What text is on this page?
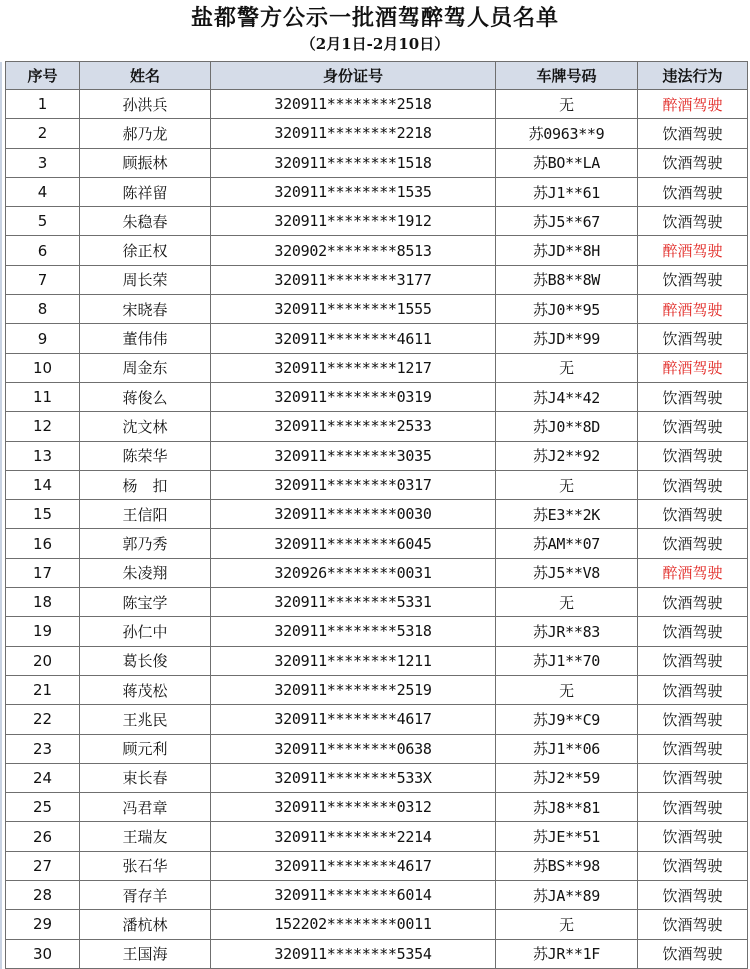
盐都警方公示一批酒驾醉驾人员名单
（2月1日-2月10日）
序号	姓名	身份证号	车牌号码	违法行为
1	孙洪兵	320911********2518	无	醉酒驾驶
2	郝乃龙	320911********2218	苏0963**9	饮酒驾驶
3	顾振林	320911********1518	苏BO**LA	饮酒驾驶
4	陈祥留	320911********1535	苏J1**61	饮酒驾驶
5	朱稳春	320911********1912	苏J5**67	饮酒驾驶
6	徐正权	320902********8513	苏JD**8H	醉酒驾驶
7	周长荣	320911********3177	苏B8**8W	饮酒驾驶
8	宋晓春	320911********1555	苏J0**95	醉酒驾驶
9	董伟伟	320911********4611	苏JD**99	饮酒驾驶
10	周金东	320911********1217	无	醉酒驾驶
11	蒋俊么	320911********0319	苏J4**42	饮酒驾驶
12	沈文林	320911********2533	苏J0**8D	饮酒驾驶
13	陈荣华	320911********3035	苏J2**92	饮酒驾驶
14	杨　扣	320911********0317	无	饮酒驾驶
15	王信阳	320911********0030	苏E3**2K	饮酒驾驶
16	郭乃秀	320911********6045	苏AM**07	饮酒驾驶
17	朱凌翔	320926********0031	苏J5**V8	醉酒驾驶
18	陈宝学	320911********5331	无	饮酒驾驶
19	孙仁中	320911********5318	苏JR**83	饮酒驾驶
20	葛长俊	320911********1211	苏J1**70	饮酒驾驶
21	蒋茂松	320911********2519	无	饮酒驾驶
22	王兆民	320911********4617	苏J9**C9	饮酒驾驶
23	顾元利	320911********0638	苏J1**06	饮酒驾驶
24	束长春	320911********533X	苏J2**59	饮酒驾驶
25	冯君章	320911********0312	苏J8**81	饮酒驾驶
26	王瑞友	320911********2214	苏JE**51	饮酒驾驶
27	张石华	320911********4617	苏BS**98	饮酒驾驶
28	胥存羊	320911********6014	苏JA**89	饮酒驾驶
29	潘杭林	152202********0011	无	饮酒驾驶
30	王国海	320911********5354	苏JR**1F	饮酒驾驶
